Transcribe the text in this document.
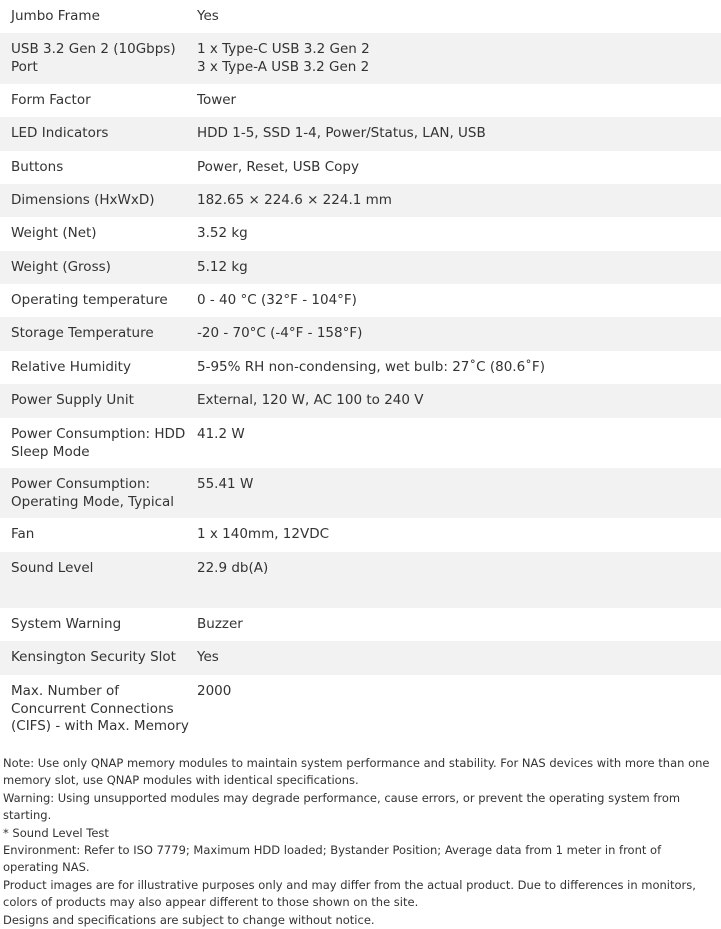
Jumbo Frame	Yes

USB 3.2 Gen 2 (10Gbps)
Port	1 x Type-C USB 3.2 Gen 2
3 x Type-A USB 3.2 Gen 2

Form Factor	Tower

LED Indicators	HDD 1-5, SSD 1-4, Power/Status, LAN, USB

Buttons	Power, Reset, USB Copy

Dimensions (HxWxD)	182.65 × 224.6 × 224.1 mm

Weight (Net)	3.52 kg

Weight (Gross)	5.12 kg

Operating temperature	0 - 40 °C (32°F - 104°F)

Storage Temperature	-20 - 70°C (-4°F - 158°F)

Relative Humidity	5-95% RH non-condensing, wet bulb: 27˚C (80.6˚F)

Power Supply Unit	External, 120 W, AC 100 to 240 V

Power Consumption: HDD
Sleep Mode	41.2 W

Power Consumption:
Operating Mode, Typical	55.41 W

Fan	1 x 140mm, 12VDC

Sound Level	22.9 db(A)

System Warning	Buzzer

Kensington Security Slot	Yes

Max. Number of
Concurrent Connections
(CIFS) - with Max. Memory	2000
Note: Use only QNAP memory modules to maintain system performance and stability. For NAS devices with more than one memory slot, use QNAP modules with identical specifications.
Warning: Using unsupported modules may degrade performance, cause errors, or prevent the operating system from starting.
* Sound Level Test
Environment: Refer to ISO 7779; Maximum HDD loaded; Bystander Position; Average data from 1 meter in front of operating NAS.
Product images are for illustrative purposes only and may differ from the actual product. Due to differences in monitors, colors of products may also appear different to those shown on the site.
Designs and specifications are subject to change without notice.
